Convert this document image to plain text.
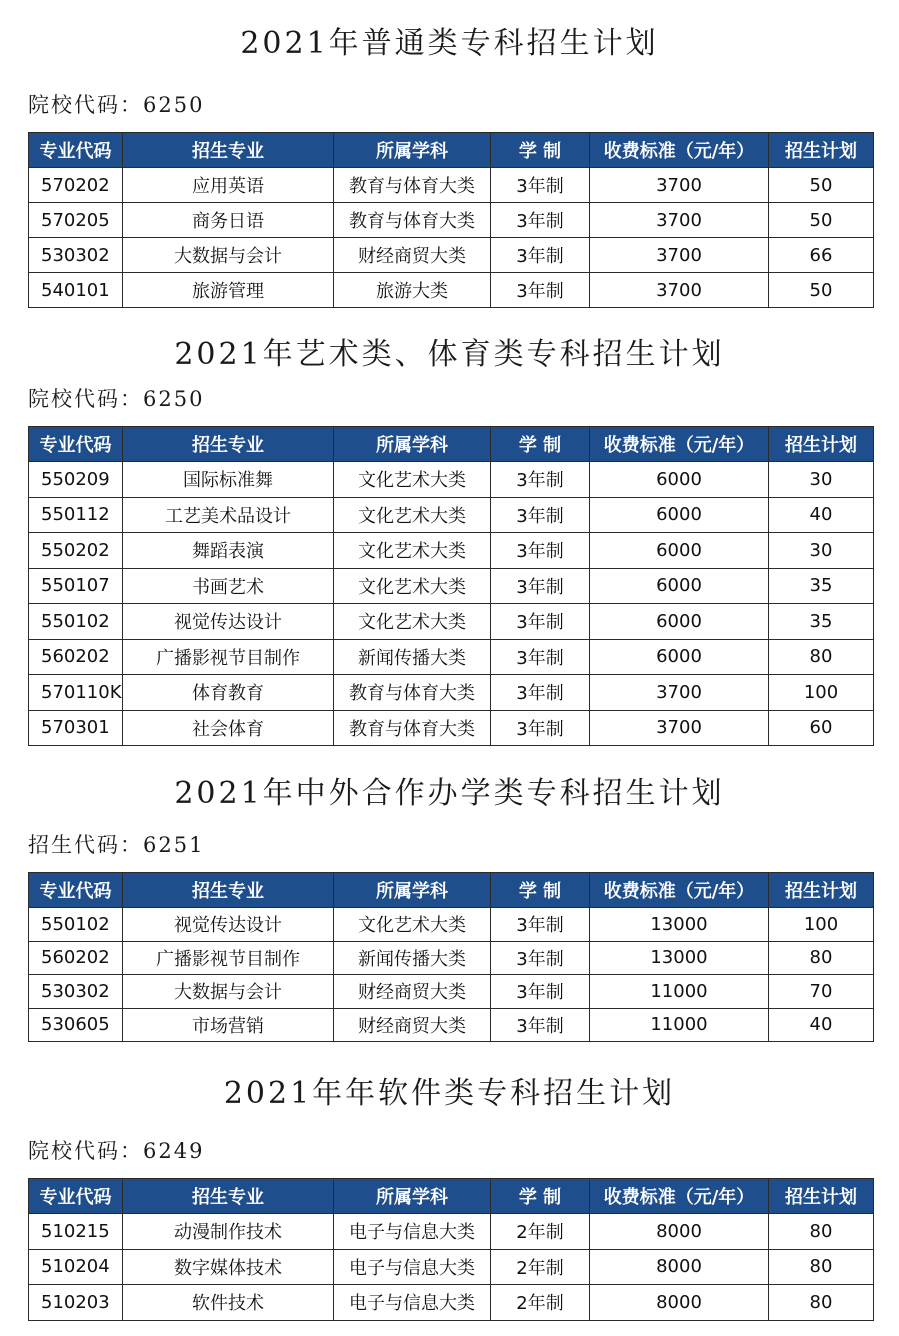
2021年普通类专科招生计划
院校代码：6250
专业代码	招生专业	所属学科	学 制	收费标准（元/年）	招生计划
570202	应用英语	教育与体育大类	3年制	3700	50
570205	商务日语	教育与体育大类	3年制	3700	50
530302	大数据与会计	财经商贸大类	3年制	3700	66
540101	旅游管理	旅游大类	3年制	3700	50
2021年艺术类、体育类专科招生计划
院校代码：6250
专业代码	招生专业	所属学科	学 制	收费标准（元/年）	招生计划
550209	国际标准舞	文化艺术大类	3年制	6000	30
550112	工艺美术品设计	文化艺术大类	3年制	6000	40
550202	舞蹈表演	文化艺术大类	3年制	6000	30
550107	书画艺术	文化艺术大类	3年制	6000	35
550102	视觉传达设计	文化艺术大类	3年制	6000	35
560202	广播影视节目制作	新闻传播大类	3年制	6000	80
570110K	体育教育	教育与体育大类	3年制	3700	100
570301	社会体育	教育与体育大类	3年制	3700	60
2021年中外合作办学类专科招生计划
招生代码：6251
专业代码	招生专业	所属学科	学 制	收费标准（元/年）	招生计划
550102	视觉传达设计	文化艺术大类	3年制	13000	100
560202	广播影视节目制作	新闻传播大类	3年制	13000	80
530302	大数据与会计	财经商贸大类	3年制	11000	70
530605	市场营销	财经商贸大类	3年制	11000	40
2021年年软件类专科招生计划
院校代码：6249
专业代码	招生专业	所属学科	学 制	收费标准（元/年）	招生计划
510215	动漫制作技术	电子与信息大类	2年制	8000	80
510204	数字媒体技术	电子与信息大类	2年制	8000	80
510203	软件技术	电子与信息大类	2年制	8000	80
